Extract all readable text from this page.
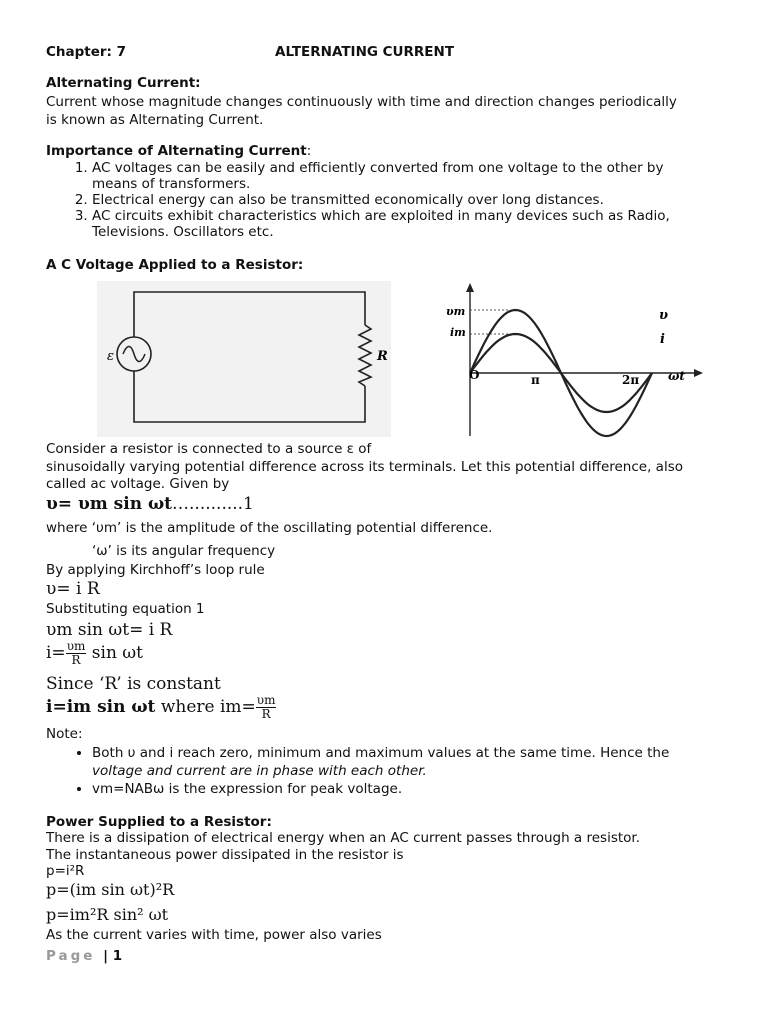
Chapter: 7	ALTERNATING CURRENT
Alternating Current:
Current whose magnitude changes continuously with time and direction changes periodically
is known as Alternating Current.
Importance of Alternating Current:
1. AC voltages can be easily and efficiently converted from one voltage to the other by
means of transformers.
2. Electrical energy can also be transmitted economically over long distances.
3. AC circuits exhibit characteristics which are exploited in many devices such as Radio,
Televisions. Oscillators etc.
A C Voltage Applied to a Resistor:
ε	R
υm
im
υ
i
O	π	2π ωt
Consider a resistor is connected to a source ε of
sinusoidally varying potential difference across its terminals. Let this potential difference, also
called ac voltage. Given by
υ= υm sin ωt…..........1
where ‘υm’ is the amplitude of the oscillating potential difference.
‘ω’ is its angular frequency
By applying Kirchhoff’s loop rule
υ= i R
Substituting equation 1
υm sin ωt= i R
$i= \frac{\upsilon m}{R}$ sin ωt
Since ‘R’ is constant
i=im sin ωt where $im= \frac{\upsilon m}{R}$
Note:
• Both υ and i reach zero, minimum and maximum values at the same time. Hence the
voltage and current are in phase with each other.
• vm=NABω is the expression for peak voltage.
Power Supplied to a Resistor:
There is a dissipation of electrical energy when an AC current passes through a resistor.
The instantaneous power dissipated in the resistor is
p=i²R
p=(im sin ωt)²R
p=im²R sin² ωt
As the current varies with time, power also varies
Page | 1
